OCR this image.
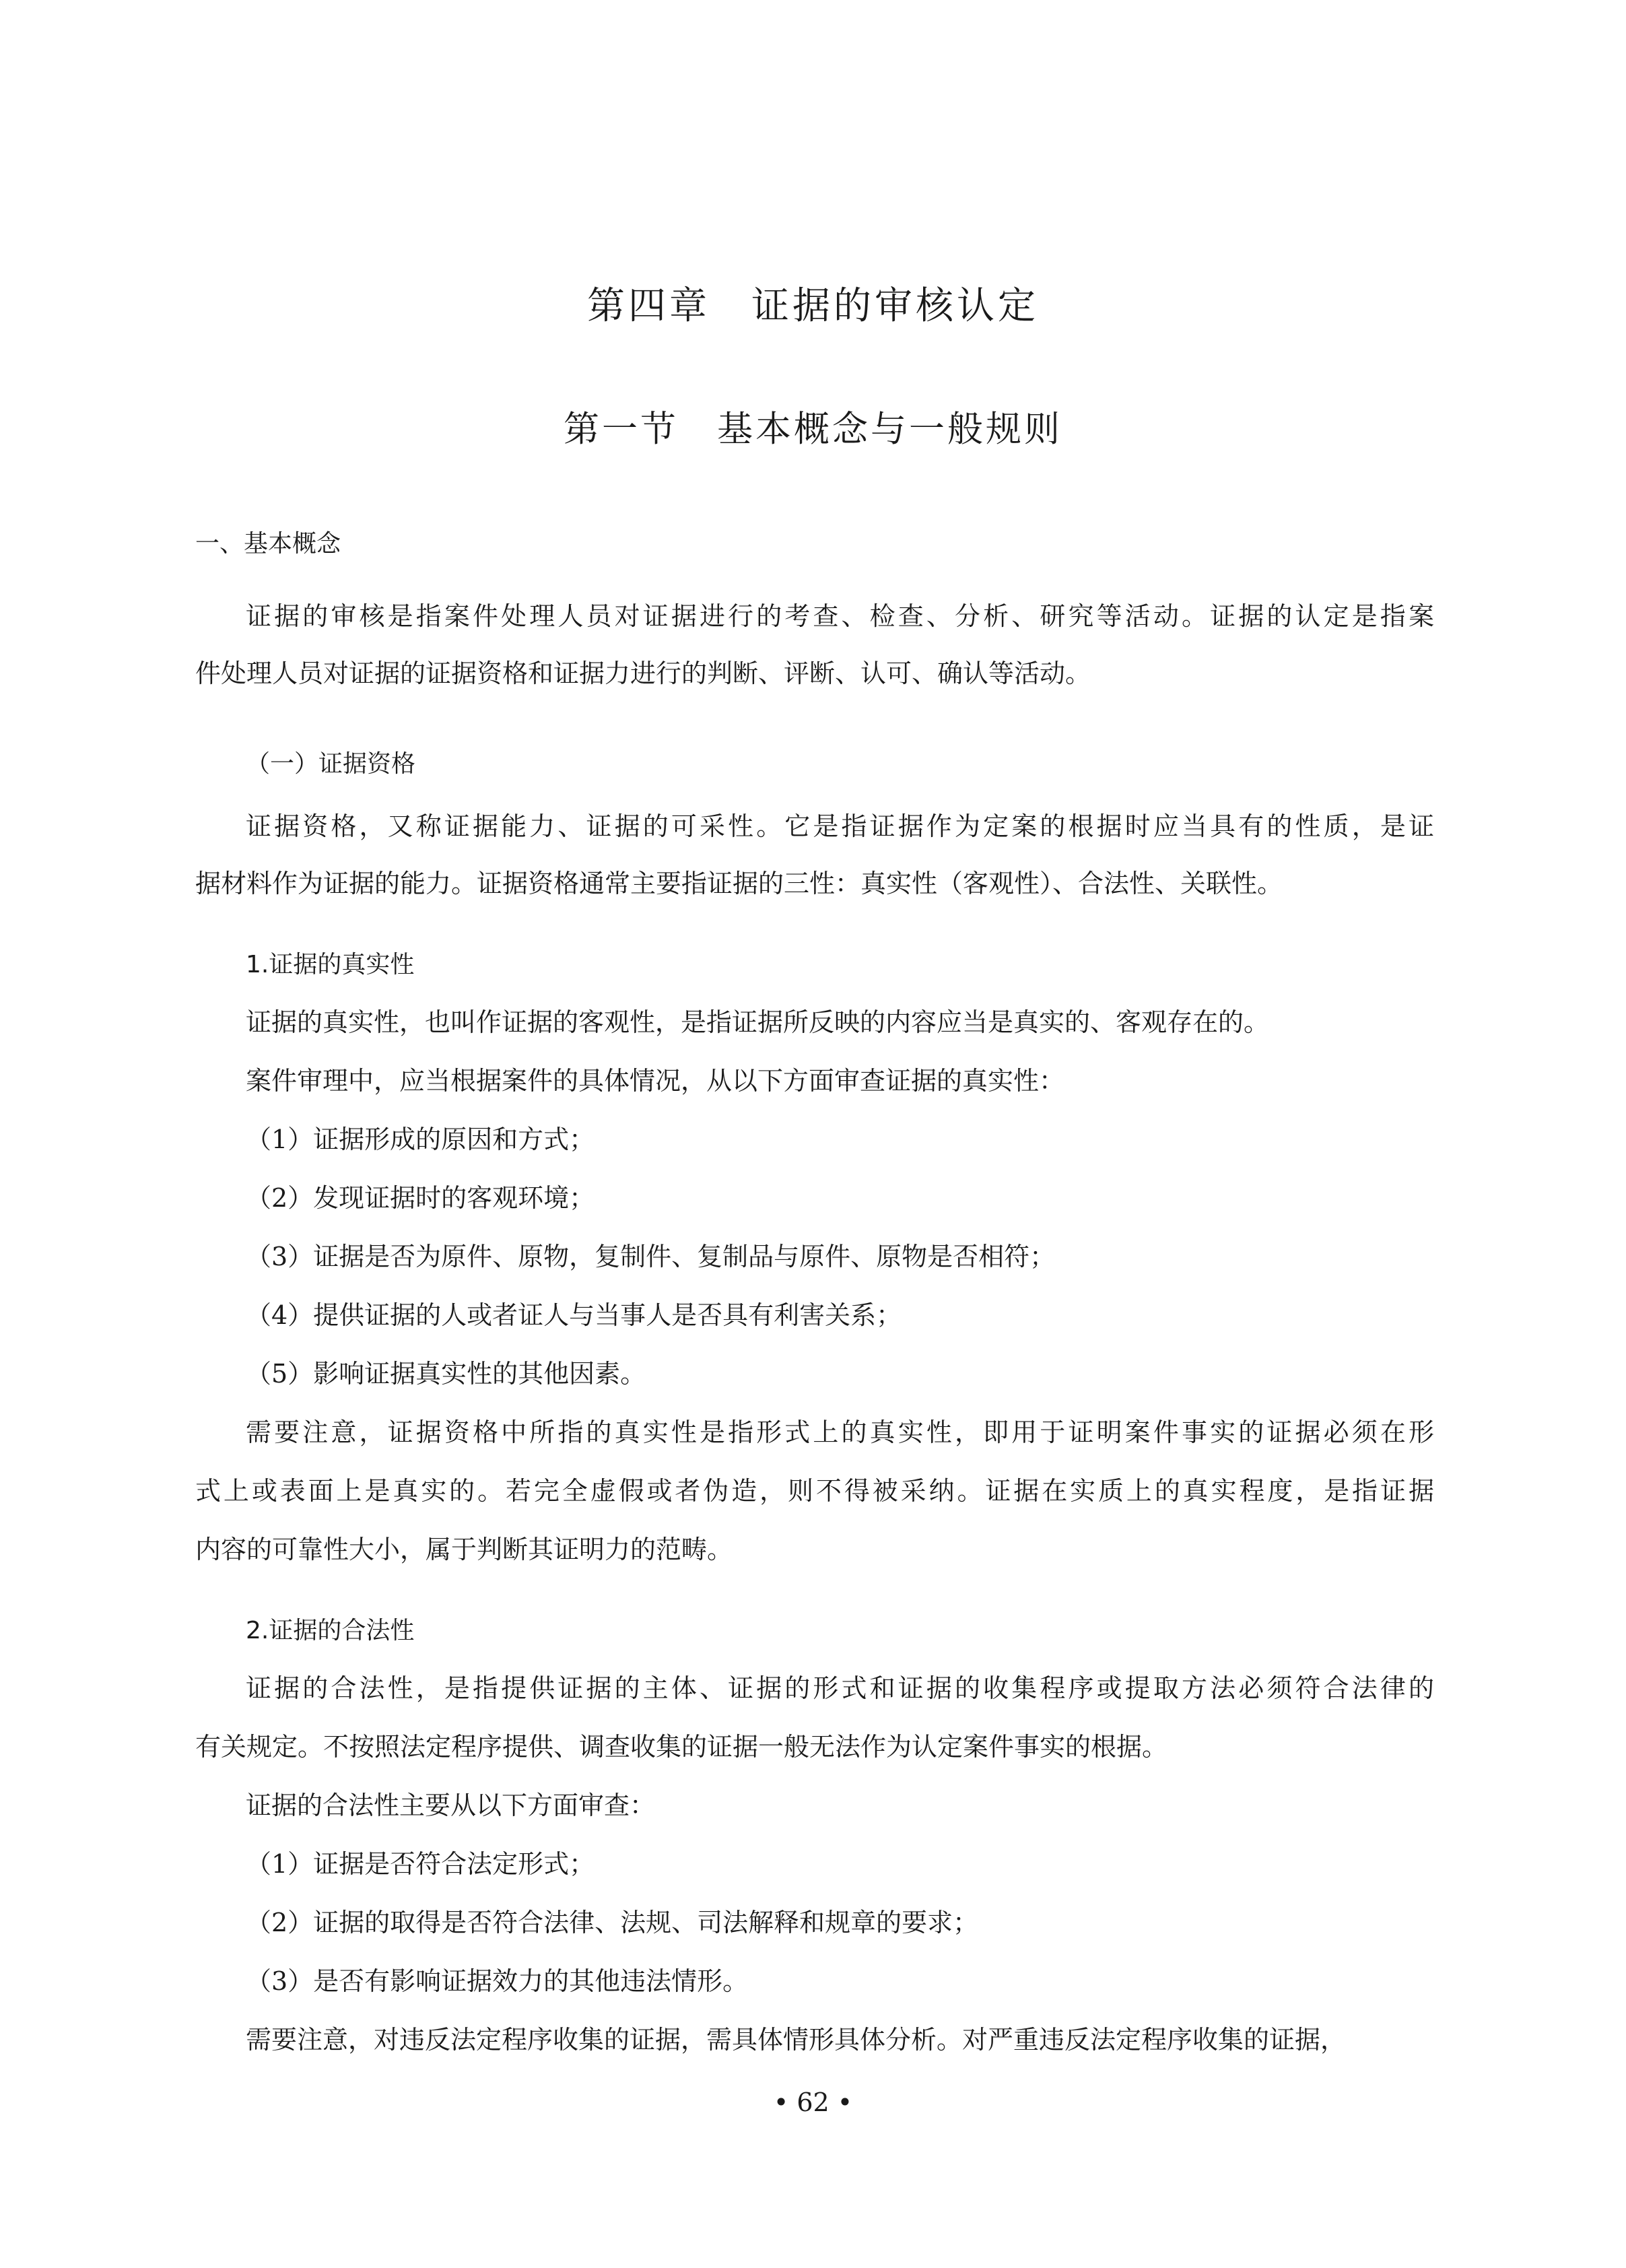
第四章　证据的审核认定
第一节　基本概念与一般规则
一、基本概念
证据的审核是指案件处理人员对证据进行的考查、检查、分析、研究等活动。证据的认定是指案
件处理人员对证据的证据资格和证据力进行的判断、评断、认可、确认等活动。
（一）证据资格
证据资格，又称证据能力、证据的可采性。它是指证据作为定案的根据时应当具有的性质，是证
据材料作为证据的能力。证据资格通常主要指证据的三性：真实性（客观性）、合法性、关联性。
1.证据的真实性
证据的真实性，也叫作证据的客观性，是指证据所反映的内容应当是真实的、客观存在的。
案件审理中，应当根据案件的具体情况，从以下方面审查证据的真实性：
（1）证据形成的原因和方式；
（2）发现证据时的客观环境；
（3）证据是否为原件、原物，复制件、复制品与原件、原物是否相符；
（4）提供证据的人或者证人与当事人是否具有利害关系；
（5）影响证据真实性的其他因素。
需要注意，证据资格中所指的真实性是指形式上的真实性，即用于证明案件事实的证据必须在形
式上或表面上是真实的。若完全虚假或者伪造，则不得被采纳。证据在实质上的真实程度，是指证据
内容的可靠性大小，属于判断其证明力的范畴。
2.证据的合法性
证据的合法性，是指提供证据的主体、证据的形式和证据的收集程序或提取方法必须符合法律的
有关规定。不按照法定程序提供、调查收集的证据一般无法作为认定案件事实的根据。
证据的合法性主要从以下方面审查：
（1）证据是否符合法定形式；
（2）证据的取得是否符合法律、法规、司法解释和规章的要求；
（3）是否有影响证据效力的其他违法情形。
需要注意，对违反法定程序收集的证据，需具体情形具体分析。对严重违反法定程序收集的证据，
• 62 •
